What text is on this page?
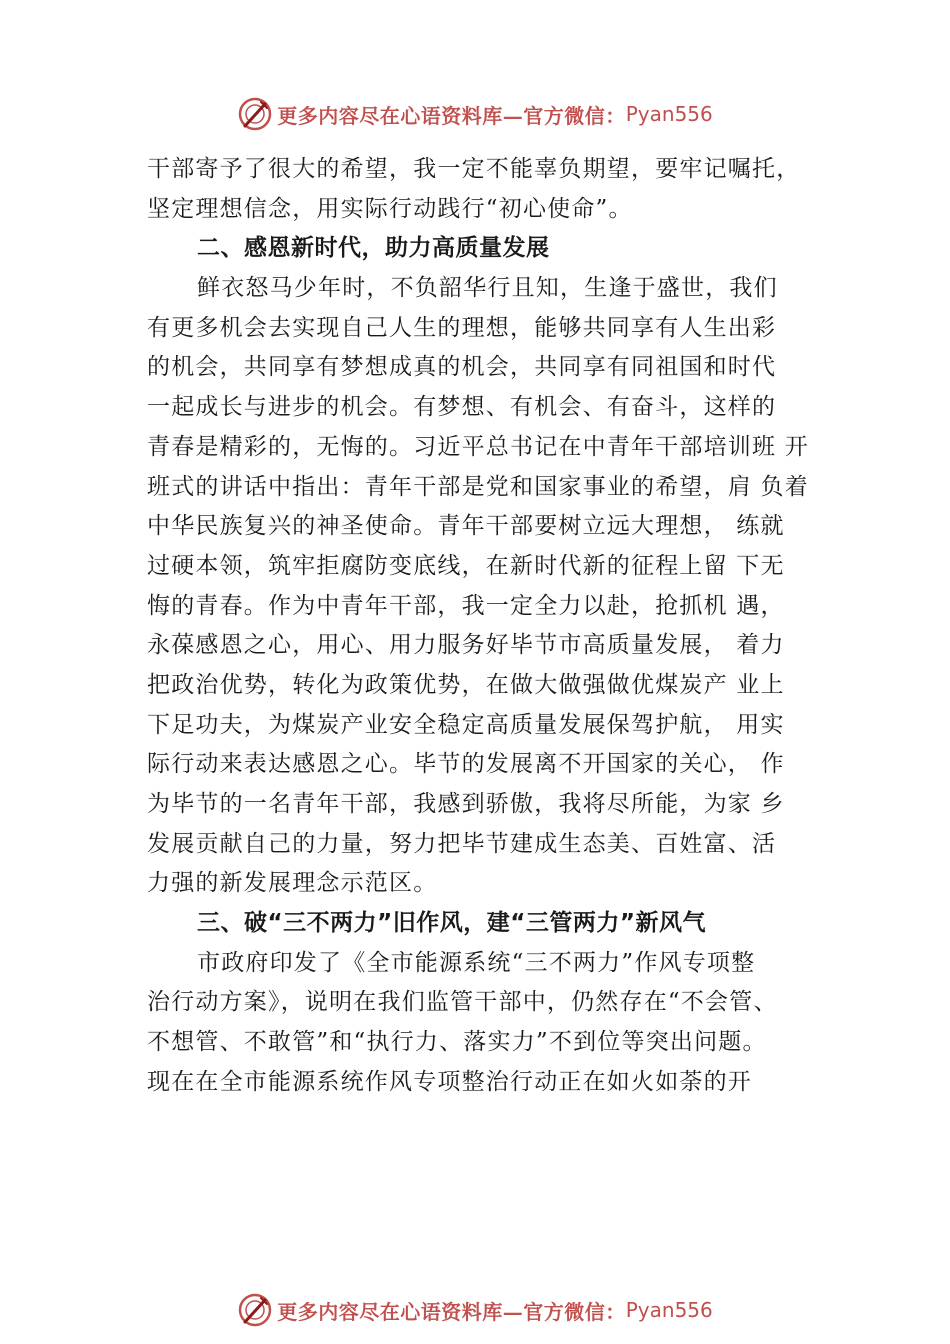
更多内容尽在心语资料库—官方微信： Pyan556
干部寄予了很大的希望，我一定不能辜负期望，要牢记嘱托，
坚定理想信念，用实际行动践行“初心使命”。
二、感恩新时代，助力高质量发展
鲜衣怒马少年时，不负韶华行且知，生逢于盛世，我们
有更多机会去实现自己人生的理想，能够共同享有人生出彩
的机会，共同享有梦想成真的机会，共同享有同祖国和时代
一起成长与进步的机会。有梦想、有机会、有奋斗，这样的
青春是精彩的，无悔的。习近平总书记在中青年干部培训班 开
班式的讲话中指出：青年干部是党和国家事业的希望，肩 负着
中华民族复兴的神圣使命。青年干部要树立远大理想， 练就
过硬本领，筑牢拒腐防变底线，在新时代新的征程上留 下无
悔的青春。作为中青年干部，我一定全力以赴，抢抓机 遇，
永葆感恩之心，用心、用力服务好毕节市高质量发展， 着力
把政治优势，转化为政策优势，在做大做强做优煤炭产 业上
下足功夫，为煤炭产业安全稳定高质量发展保驾护航， 用实
际行动来表达感恩之心。毕节的发展离不开国家的关心， 作
为毕节的一名青年干部，我感到骄傲，我将尽所能，为家 乡
发展贡献自己的力量，努力把毕节建成生态美、百姓富、活
力强的新发展理念示范区。
三、破“三不两力”旧作风，建“三管两力”新风气
市政府印发了《全市能源系统“三不两力”作风专项整
治行动方案》，说明在我们监管干部中，仍然存在“不会管、
不想管、不敢管”和“执行力、落实力”不到位等突出问题。
现在在全市能源系统作风专项整治行动正在如火如荼的开
更多内容尽在心语资料库—官方微信： Pyan556
